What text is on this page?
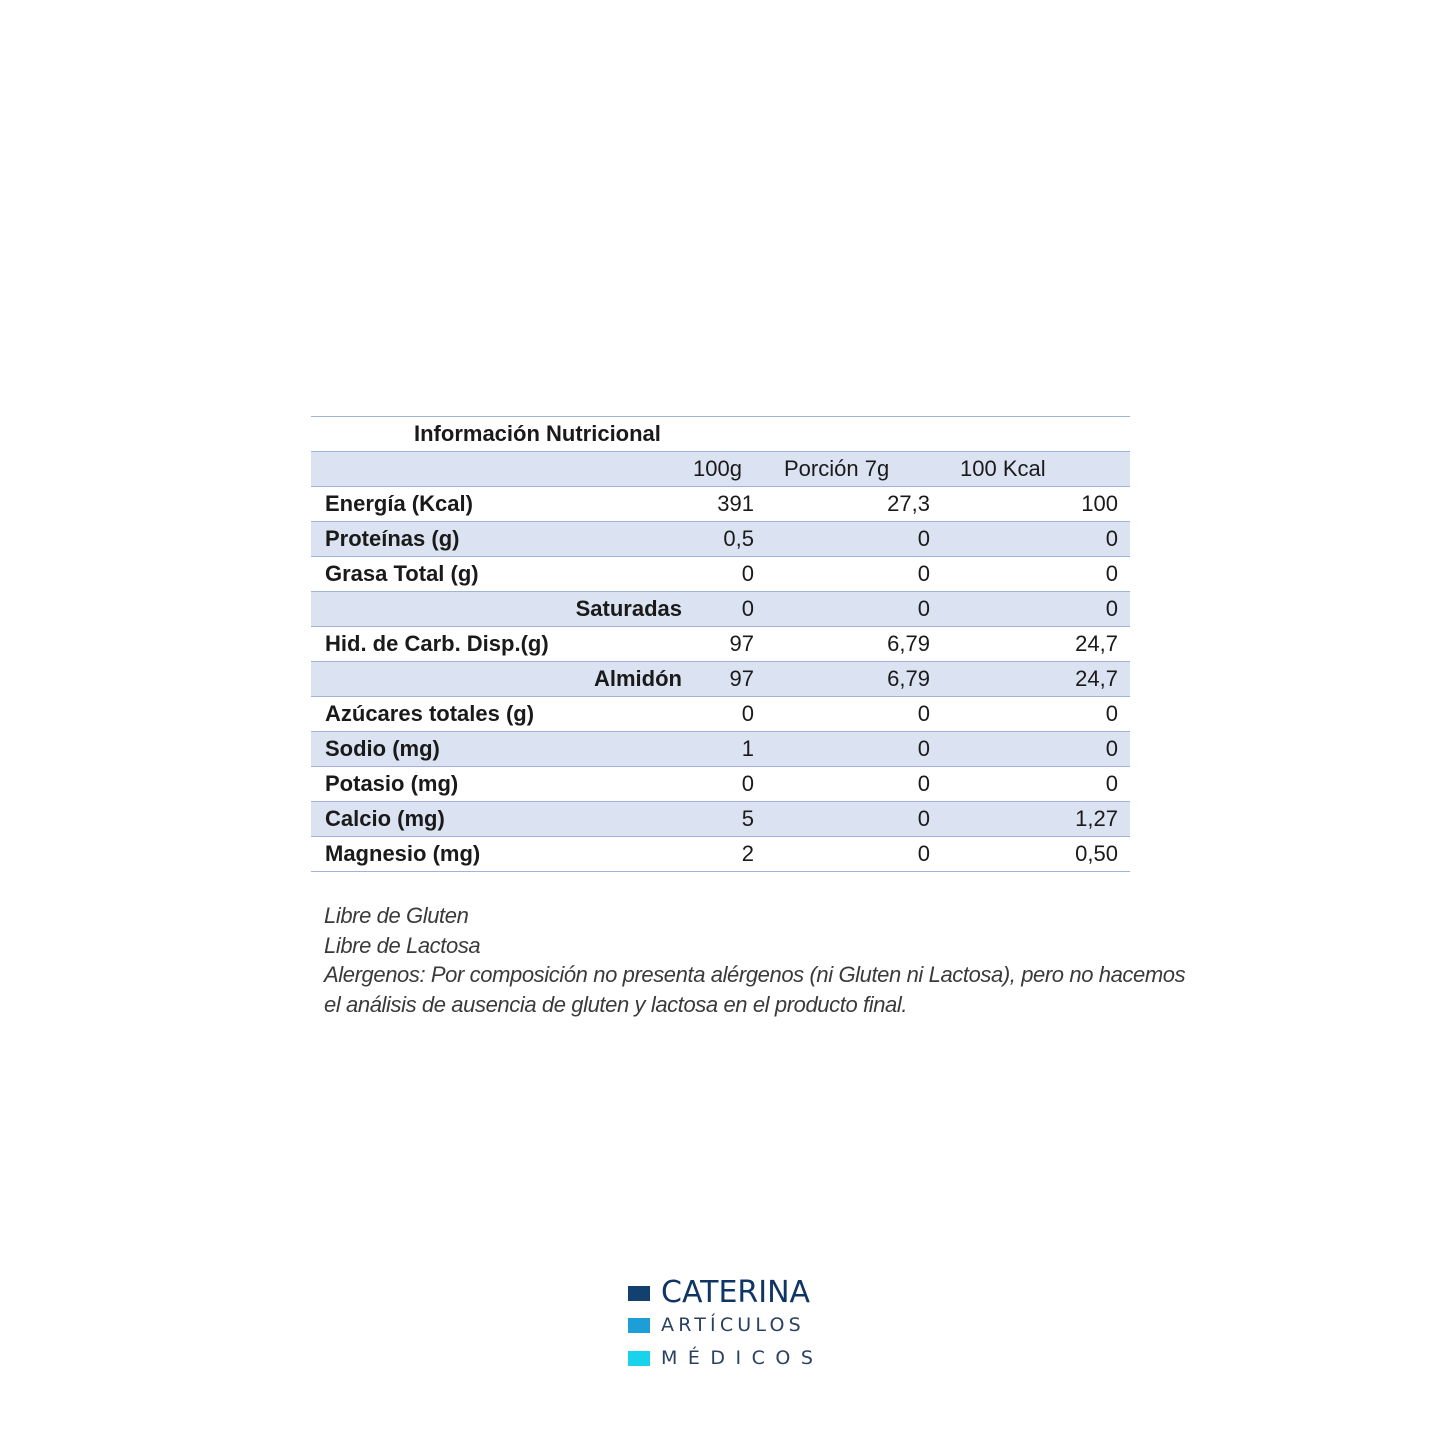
Información Nutricional			
	100g	Porción 7g	100 Kcal
Energía (Kcal)	391	27,3	100
Proteínas (g)	0,5	0	0
Grasa Total (g)	0	0	0
Saturadas	0	0	0
Hid. de Carb. Disp.(g)	97	6,79	24,7
Almidón	97	6,79	24,7
Azúcares totales (g)	0	0	0
Sodio (mg)	1	0	0
Potasio (mg)	0	0	0
Calcio (mg)	5	0	1,27
Magnesio (mg)	2	0	0,50
Libre de Gluten
Libre de Lactosa
Alergenos: Por composición no presenta alérgenos (ni Gluten ni Lactosa), pero no hacemos
el análisis de ausencia de gluten y lactosa en el producto final.
CATERINA
ARTÍCULOS
MÉDICOS
